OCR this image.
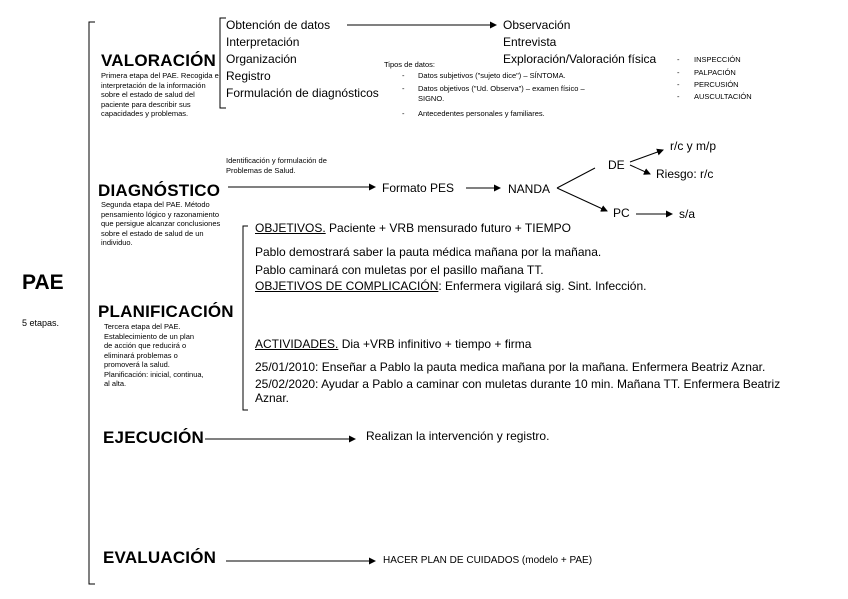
PAE
5 etapas.
VALORACIÓN
Primera etapa del PAE. Recogida e interpretación de la información sobre el estado de salud del paciente para describir sus capacidades y problemas.
Obtención de datos
Interpretación
Organización
Registro
Formulación de diagnósticos
Observación
Entrevista
Exploración/Valoración física	- INSPECCIÓN
- PALPACIÓN
- PERCUSIÓN
- AUSCULTACIÓN
Tipos de datos:
- Datos subjetivos ("sujeto dice") – SÍNTOMA.
- Datos objetivos ("Ud. Observa") – examen físico – SIGNO.
- Antecedentes personales y familiares.
DIAGNÓSTICO
Segunda etapa del PAE. Método pensamiento lógico y razonamiento que persigue alcanzar conclusiones sobre el estado de salud de un individuo.
Identificación y formulación de Problemas de Salud.
Formato PES	NANDA
DE
r/c y m/p
Riesgo: r/c
PC	s/a
PLANIFICACIÓN
Tercera etapa del PAE. Establecimiento de un plan de acción que reducirá o eliminará problemas o promoverá la salud. Planificación: inicial, continua, al alta.
OBJETIVOS. Paciente + VRB mensurado futuro + TIEMPO
Pablo demostrará saber la pauta médica mañana por la mañana.
Pablo caminará con muletas por el pasillo mañana TT.
OBJETIVOS DE COMPLICACIÓN: Enfermera vigilará sig. Sint. Infección.
ACTIVIDADES. Dia +VRB infinitivo + tiempo + firma
25/01/2010: Enseñar a Pablo la pauta medica mañana por la mañana. Enfermera Beatriz Aznar.
25/02/2020: Ayudar a Pablo a caminar con muletas durante 10 min. Mañana TT. Enfermera Beatriz Aznar.
EJECUCIÓN	Realizan la intervención y registro.
EVALUACIÓN	HACER PLAN DE CUIDADOS (modelo + PAE)
